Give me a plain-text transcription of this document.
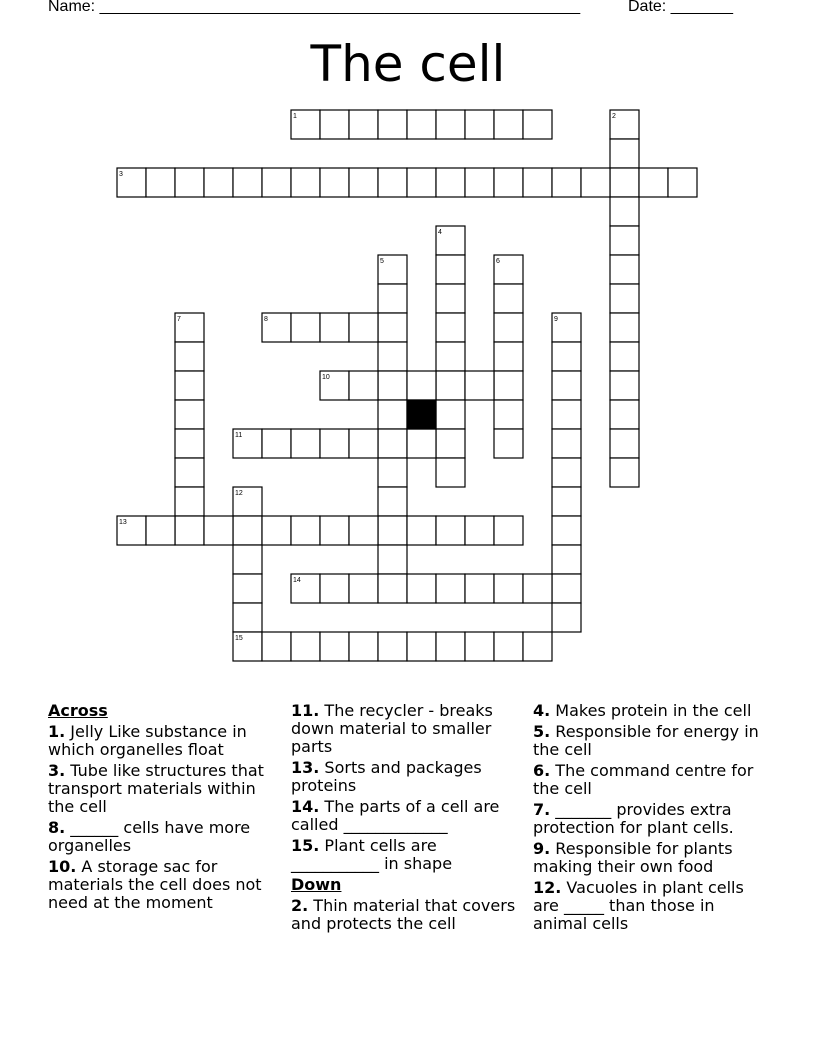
Name: ______________________________________________________	Date: _______
The cell
1	2
3
4
5	6
7	8	9
10
11
12
13
14
15
Across
1. Jelly Like substance in which organelles float
3. Tube like structures that transport materials within the cell
8. ______ cells have more organelles
10. A storage sac for materials the cell does not need at the moment
11. The recycler - breaks down material to smaller parts
13. Sorts and packages proteins
14. The parts of a cell are called _____________
15. Plant cells are ___________ in shape
Down
2. Thin material that covers and protects the cell
4. Makes protein in the cell
5. Responsible for energy in the cell
6. The command centre for the cell
7. _______ provides extra protection for plant cells.
9. Responsible for plants making their own food
12. Vacuoles in plant cells are _____ than those in animal cells
